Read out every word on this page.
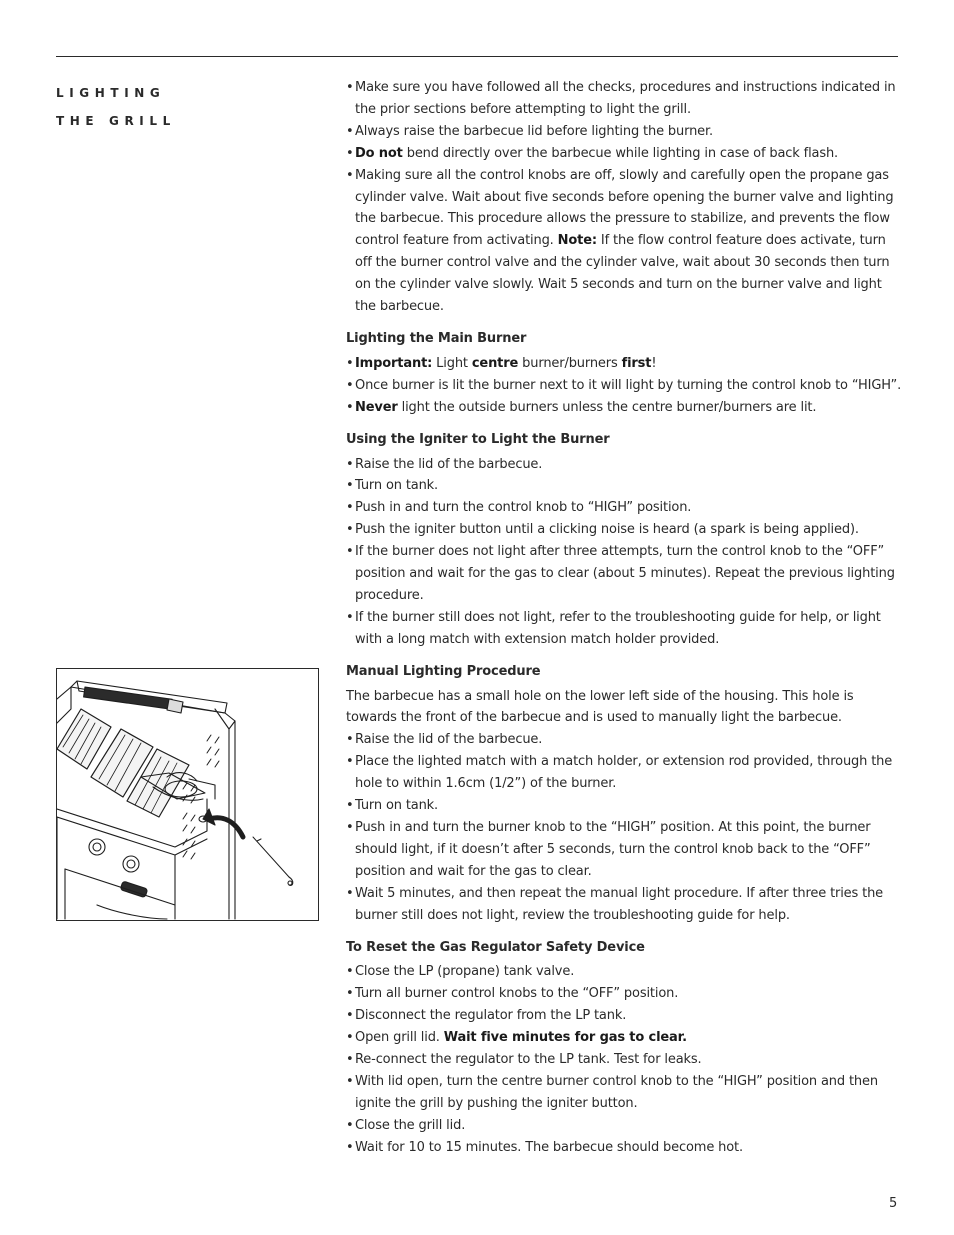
LIGHTING
THE GRILL
•Make sure you have followed all the checks, procedures and instructions indicated in the prior sections before attempting to light the grill.
•Always raise the barbecue lid before lighting the burner.
•Do not bend directly over the barbecue while lighting in case of back flash.
•Making sure all the control knobs are off, slowly and carefully open the propane gas cylinder valve. Wait about five seconds before opening the burner valve and lighting the barbecue. This procedure allows the pressure to stabilize, and prevents the flow control feature from activating. Note: If the flow control feature does activate, turn off the burner control valve and the cylinder valve, wait about 30 seconds then turn on the cylinder valve slowly. Wait 5 seconds and turn on the burner valve and light the barbecue.
Lighting the Main Burner
•Important: Light centre burner/burners first!
•Once burner is lit the burner next to it will light by turning the control knob to “HIGH”.
•Never light the outside burners unless the centre burner/burners are lit.
Using the Igniter to Light the Burner
•Raise the lid of the barbecue.
•Turn on tank.
•Push in and turn the control knob to “HIGH” position.
•Push the igniter button until a clicking noise is heard (a spark is being applied).
•If the burner does not light after three attempts, turn the control knob to the “OFF” position and wait for the gas to clear (about 5 minutes). Repeat the previous lighting procedure.
•If the burner still does not light, refer to the troubleshooting guide for help, or light with a long match with extension match holder provided.
Manual Lighting Procedure
The barbecue has a small hole on the lower left side of the housing. This hole is towards the front of the barbecue and is used to manually light the barbecue.
•Raise the lid of the barbecue.
•Place the lighted match with a match holder, or extension rod provided, through the hole to within 1.6cm (1/2”) of the burner.
•Turn on tank.
•Push in and turn the burner knob to the “HIGH” position. At this point, the burner should light, if it doesn’t after 5 seconds, turn the control knob back to the “OFF” position and wait for the gas to clear.
•Wait 5 minutes, and then repeat the manual light procedure. If after three tries the burner still does not light, review the troubleshooting guide for help.
To Reset the Gas Regulator Safety Device
•Close the LP (propane) tank valve.
•Turn all burner control knobs to the “OFF” position.
•Disconnect the regulator from the LP tank.
•Open grill lid. Wait five minutes for gas to clear.
•Re-connect the regulator to the LP tank. Test for leaks.
•With lid open, turn the centre burner control knob to the “HIGH” position and then ignite the grill by pushing the igniter button.
•Close the grill lid.
•Wait for 10 to 15 minutes. The barbecue should become hot.
5
